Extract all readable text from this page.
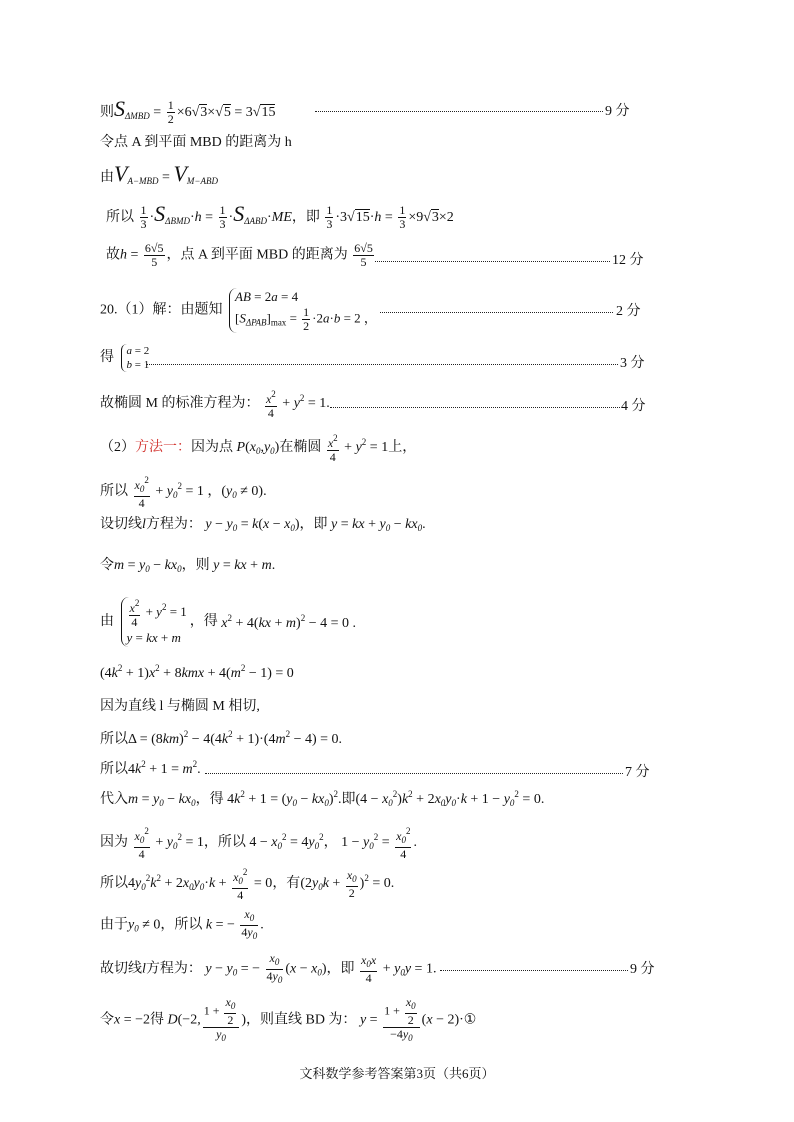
则$S_{\Delta MBD} = \frac{1}{2} \times 6√3\times√5 = 3√15$	9 分
令点 A 到平面 MBD 的距离为 h
由$V_{A-MBD} = V_{M-ABD}$
所以 $\frac{1}{3} \cdot S_{\Delta BMD}\cdot h = \frac{1}{3} \cdot S_{\Delta ABD}\cdot ME$，即 $\frac{1}{3} \cdot 3√15\cdot h = \frac{1}{3} \times 9√3\times 2$
故$h = \frac{6√5}{5}$ ，点 A 到平面 MBD 的距离为 $\frac{6√5}{5}$	12 分
20.（1）解：由题知
AB = 2a = 4
$[S_{\Delta PAB}]_{max} = \frac{1}{2} \cdot 2a\cdot b = 2$ ，	2 分
得 a = 2
b = 1	3 分
故椭圆 M 的标准方程为： $\frac{x^2}{4} + y^2 = 1$.	4 分
（2）方法一：因为点 $P(x_0,y_0)$在椭圆 $\frac{x^2}{4} + y^2 = 1$上，
所以 $\frac{x_0^2}{4} + y_0^2 = 1$ ，$(y_0 \ne 0)$.
设切线l方程为： $y - y_0 = k(x - x_0)$，即 y = kx + $y_0 - kx_0$.
令$m = y_0 - kx_0$，则 y = kx + m.
由 $\frac{x^2}{4} + y^2 = 1$
y = kx + m
，得 $x^2 + 4(kx + m)^2 - 4 = 0$ .
$(4k^2 + 1)x^2 + 8kmx + 4(m^2 - 1) = 0$
因为直线 l 与椭圆 M 相切,
所以$\Delta = (8km)^2 - 4(4k^2 + 1)\cdot(4m^2 - 4) = 0$.
所以$4k^2 + 1 = m^2$.	7 分
代入$m = y_0 - kx_0$，得 $4k^2 + 1 = (y_0 - kx_0)^2$.即$(4 - x_0^2)k^2 + 2x_0y_0\cdot k + 1 - y_0^2 = 0$.
因为 $\frac{x_0^2}{4} + y_0^2 = 1$，所以 $4 - x_0^2 = 4y_0^2$， $1 - y_0^2 = \frac{x_0^2}{4}$ .
所以$4y_0^2k^2 + 2x_0y_0\cdot k + \frac{x_0^2}{4} = 0$，有$(2y_0k + \frac{x_0}{2} )^2 = 0$.
由于$y_0 \ne 0$，所以 k = − $\frac{x_0}{4y_0}$ .
故切线l方程为： $y - y_0$ = − $\frac{x_0}{4y_0} (x - x_0)$，即 $\frac{x_0x}{4} + y_0y = 1$.	9 分
令x = −2得 D(−2, $\frac{1 + \frac{x_0}{2}}{y_0}$ )，则直线 BD 为： $y = \frac{1 + \frac{x_0}{2}}{-4y_0} (x$ − 2)·①
文科数学参考答案第3页（共6页）
